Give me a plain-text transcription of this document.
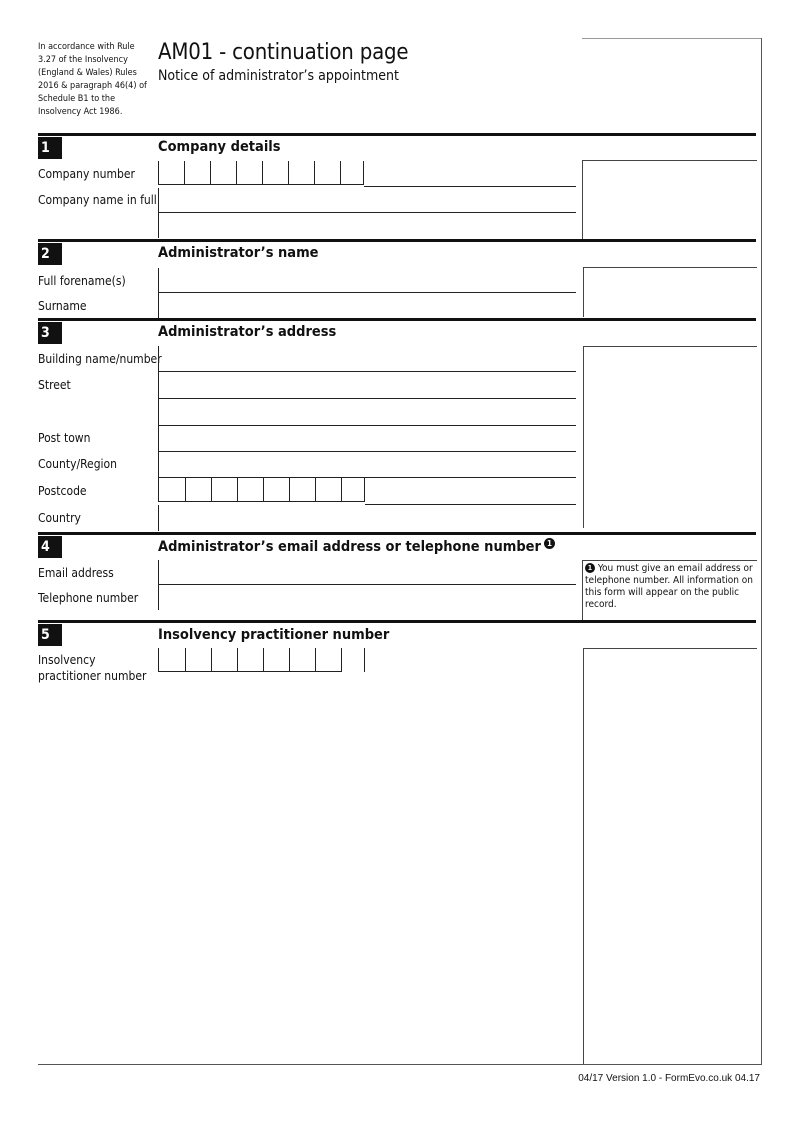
In accordance with Rule 3.27 of the Insolvency (England & Wales) Rules 2016 & paragraph 46(4) of Schedule B1 to the Insolvency Act 1986.
AM01 - continuation page
Notice of administrator’s appointment
1	Company details
Company number
Company name in full
2	Administrator’s name
Full forename(s)
Surname
3	Administrator’s address
Building name/number
Street
Post town
County/Region
Postcode
Country
4	Administrator’s email address or telephone number 1
Email address
Telephone number
1 You must give an email address or telephone number. All information on this form will appear on the public record.
5	Insolvency practitioner number
Insolvency practitioner number
04/17 Version 1.0 - FormEvo.co.uk 04.17
